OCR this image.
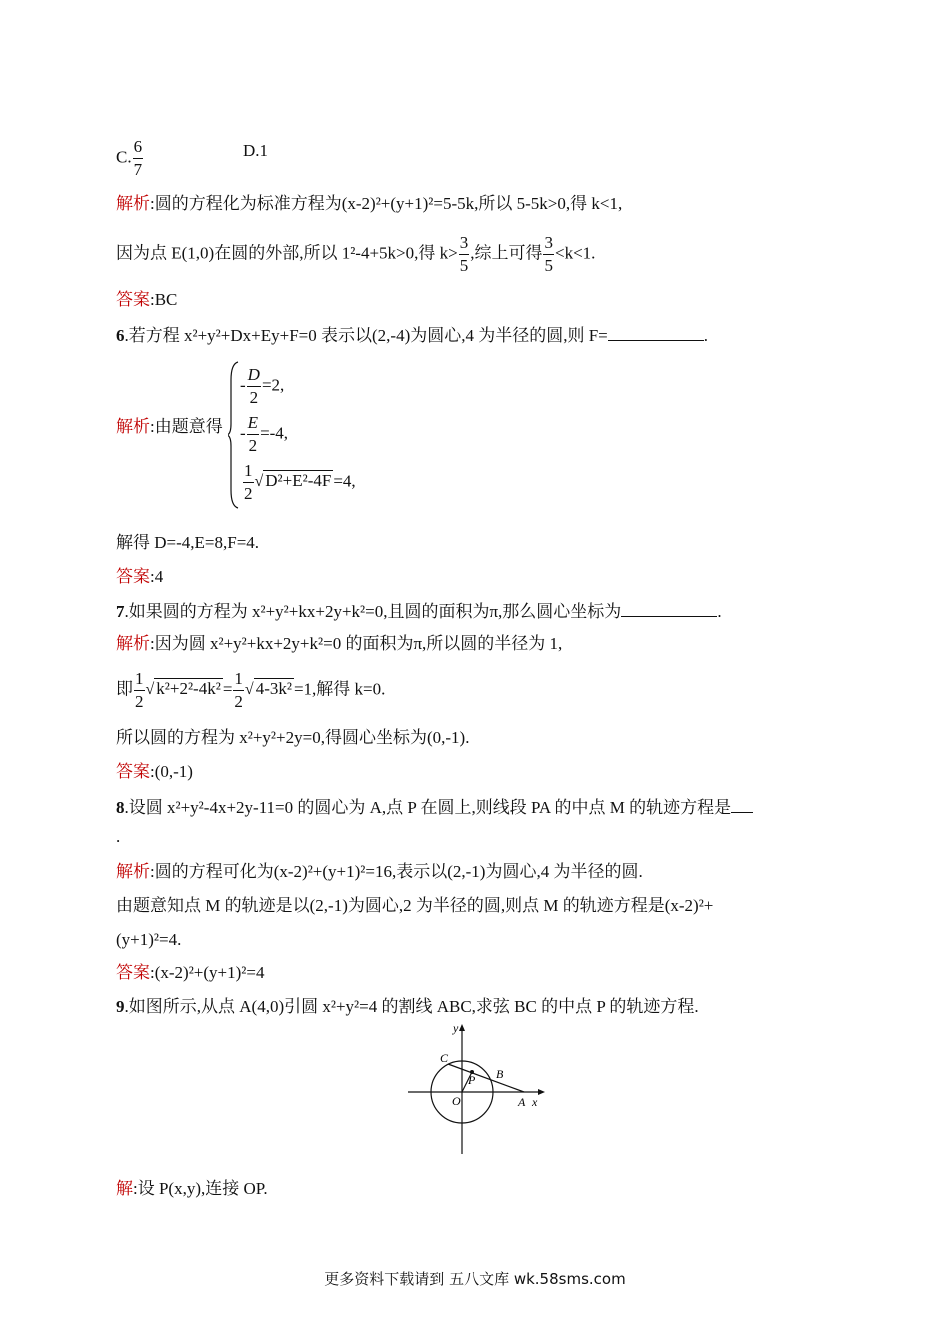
C. $\frac{6}{7}$	D.1
解析:圆的方程化为标准方程为(x-2)²+(y+1)²=5-5k,所以 5-5k>0,得 k<1,
因为点 E(1,0)在圆的外部,所以 1²-4+5k>0,得 $k> \frac{3}{5}$ ,综上可得 $\frac{3}{5} <k<1$.
答案:BC
6.若方程 x²+y²+Dx+Ey+F=0 表示以(2,-4)为圆心,4 为半径的圆,则 F=	.
解析:由题意得
- $\frac{D}{2} =2$,
- $\frac{E}{2} =-4$,
$\frac{1}{2}$ √ D²+E²-4F =4,
解得 D=-4,E=8,F=4.
答案:4
7.如果圆的方程为 x²+y²+kx+2y+k²=0,且圆的面积为π,那么圆心坐标为	.
解析:因为圆 x²+y²+kx+2y+k²=0 的面积为π,所以圆的半径为 1,
即 $\frac{1}{2}$ √ $k^2+2^2-4k^2 = \frac{1}{2}$ √ 4-3k² =1,解得 k=0.
所以圆的方程为 x²+y²+2y=0,得圆心坐标为(0,-1).
答案:(0,-1)
8.设圆 x²+y²-4x+2y-11=0 的圆心为 A,点 P 在圆上,则线段 PA 的中点 M 的轨迹方程是
.
解析:圆的方程可化为(x-2)²+(y+1)²=16,表示以(2,-1)为圆心,4 为半径的圆.
由题意知点 M 的轨迹是以(2,-1)为圆心,2 为半径的圆,则点 M 的轨迹方程是(x-2)²+
(y+1)²=4.
答案:(x-2)²+(y+1)²=4
9.如图所示,从点 A(4,0)引圆 x²+y²=4 的割线 ABC,求弦 BC 的中点 P 的轨迹方程.
y
x
O	A
B
C
P
解:设 P(x,y),连接 OP.
更多资料下载请到 五八文库 wk.58sms.com
